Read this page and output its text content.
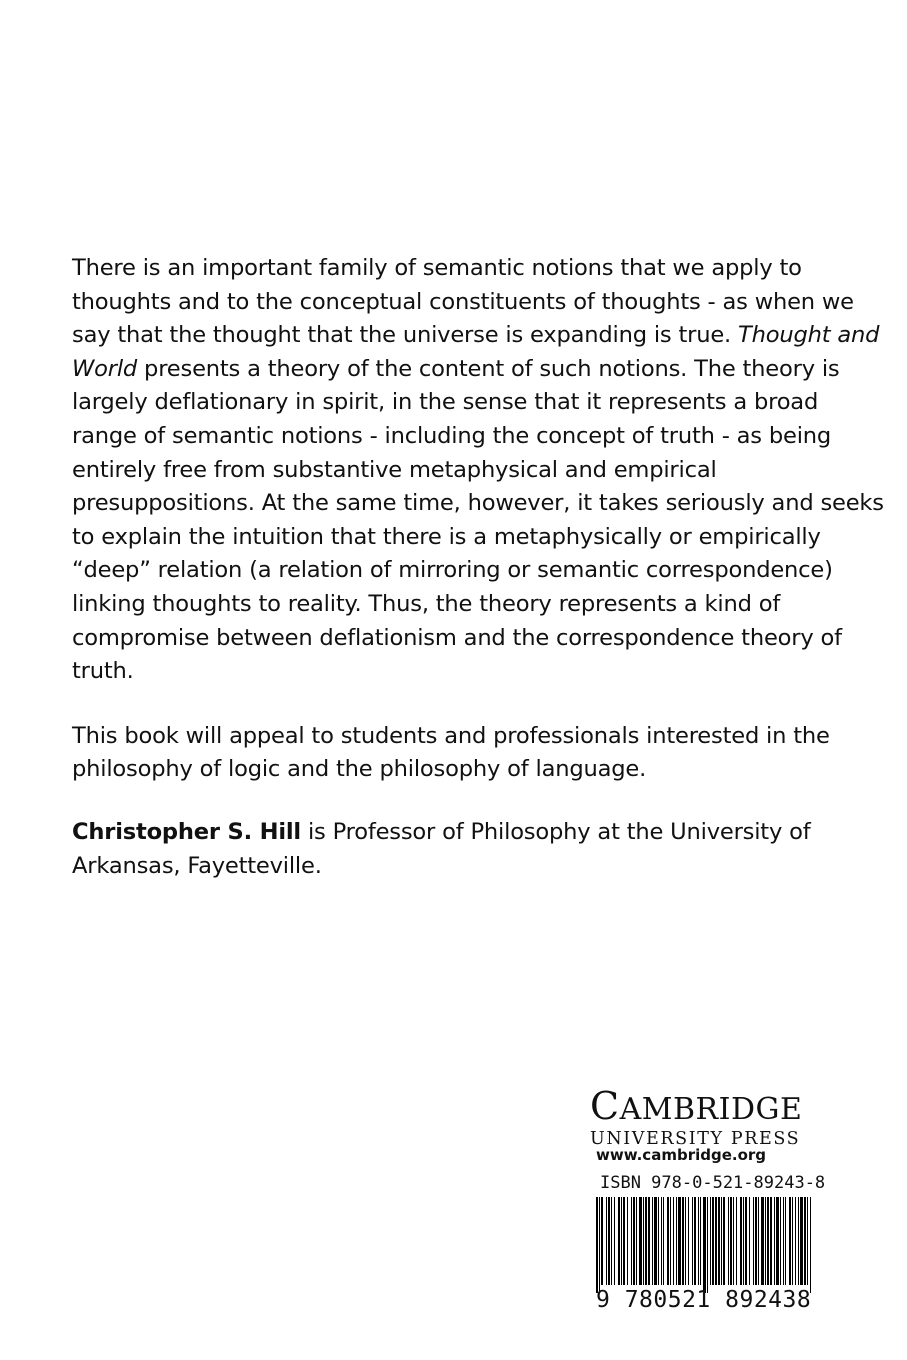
There is an important family of semantic notions that we apply to

thoughts and to the conceptual constituents of thoughts - as when we

say that the thought that the universe is expanding is true. Thought and

World presents a theory of the content of such notions. The theory is

largely deflationary in spirit, in the sense that it represents a broad

range of semantic notions - including the concept of truth - as being

entirely free from substantive metaphysical and empirical

presuppositions. At the same time, however, it takes seriously and seeks

to explain the intuition that there is a metaphysically or empirically

“deep” relation (a relation of mirroring or semantic correspondence)

linking thoughts to reality. Thus, the theory represents a kind of

compromise between deflationism and the correspondence theory of

truth.

This book will appeal to students and professionals interested in the

philosophy of logic and the philosophy of language.

Christopher S. Hill is Professor of Philosophy at the University of

Arkansas, Fayetteville.

CAMBRIDGE
UNIVERSITY PRESS
www.cambridge.org
ISBN 978-0-521-89243-8
9 780521 892438
